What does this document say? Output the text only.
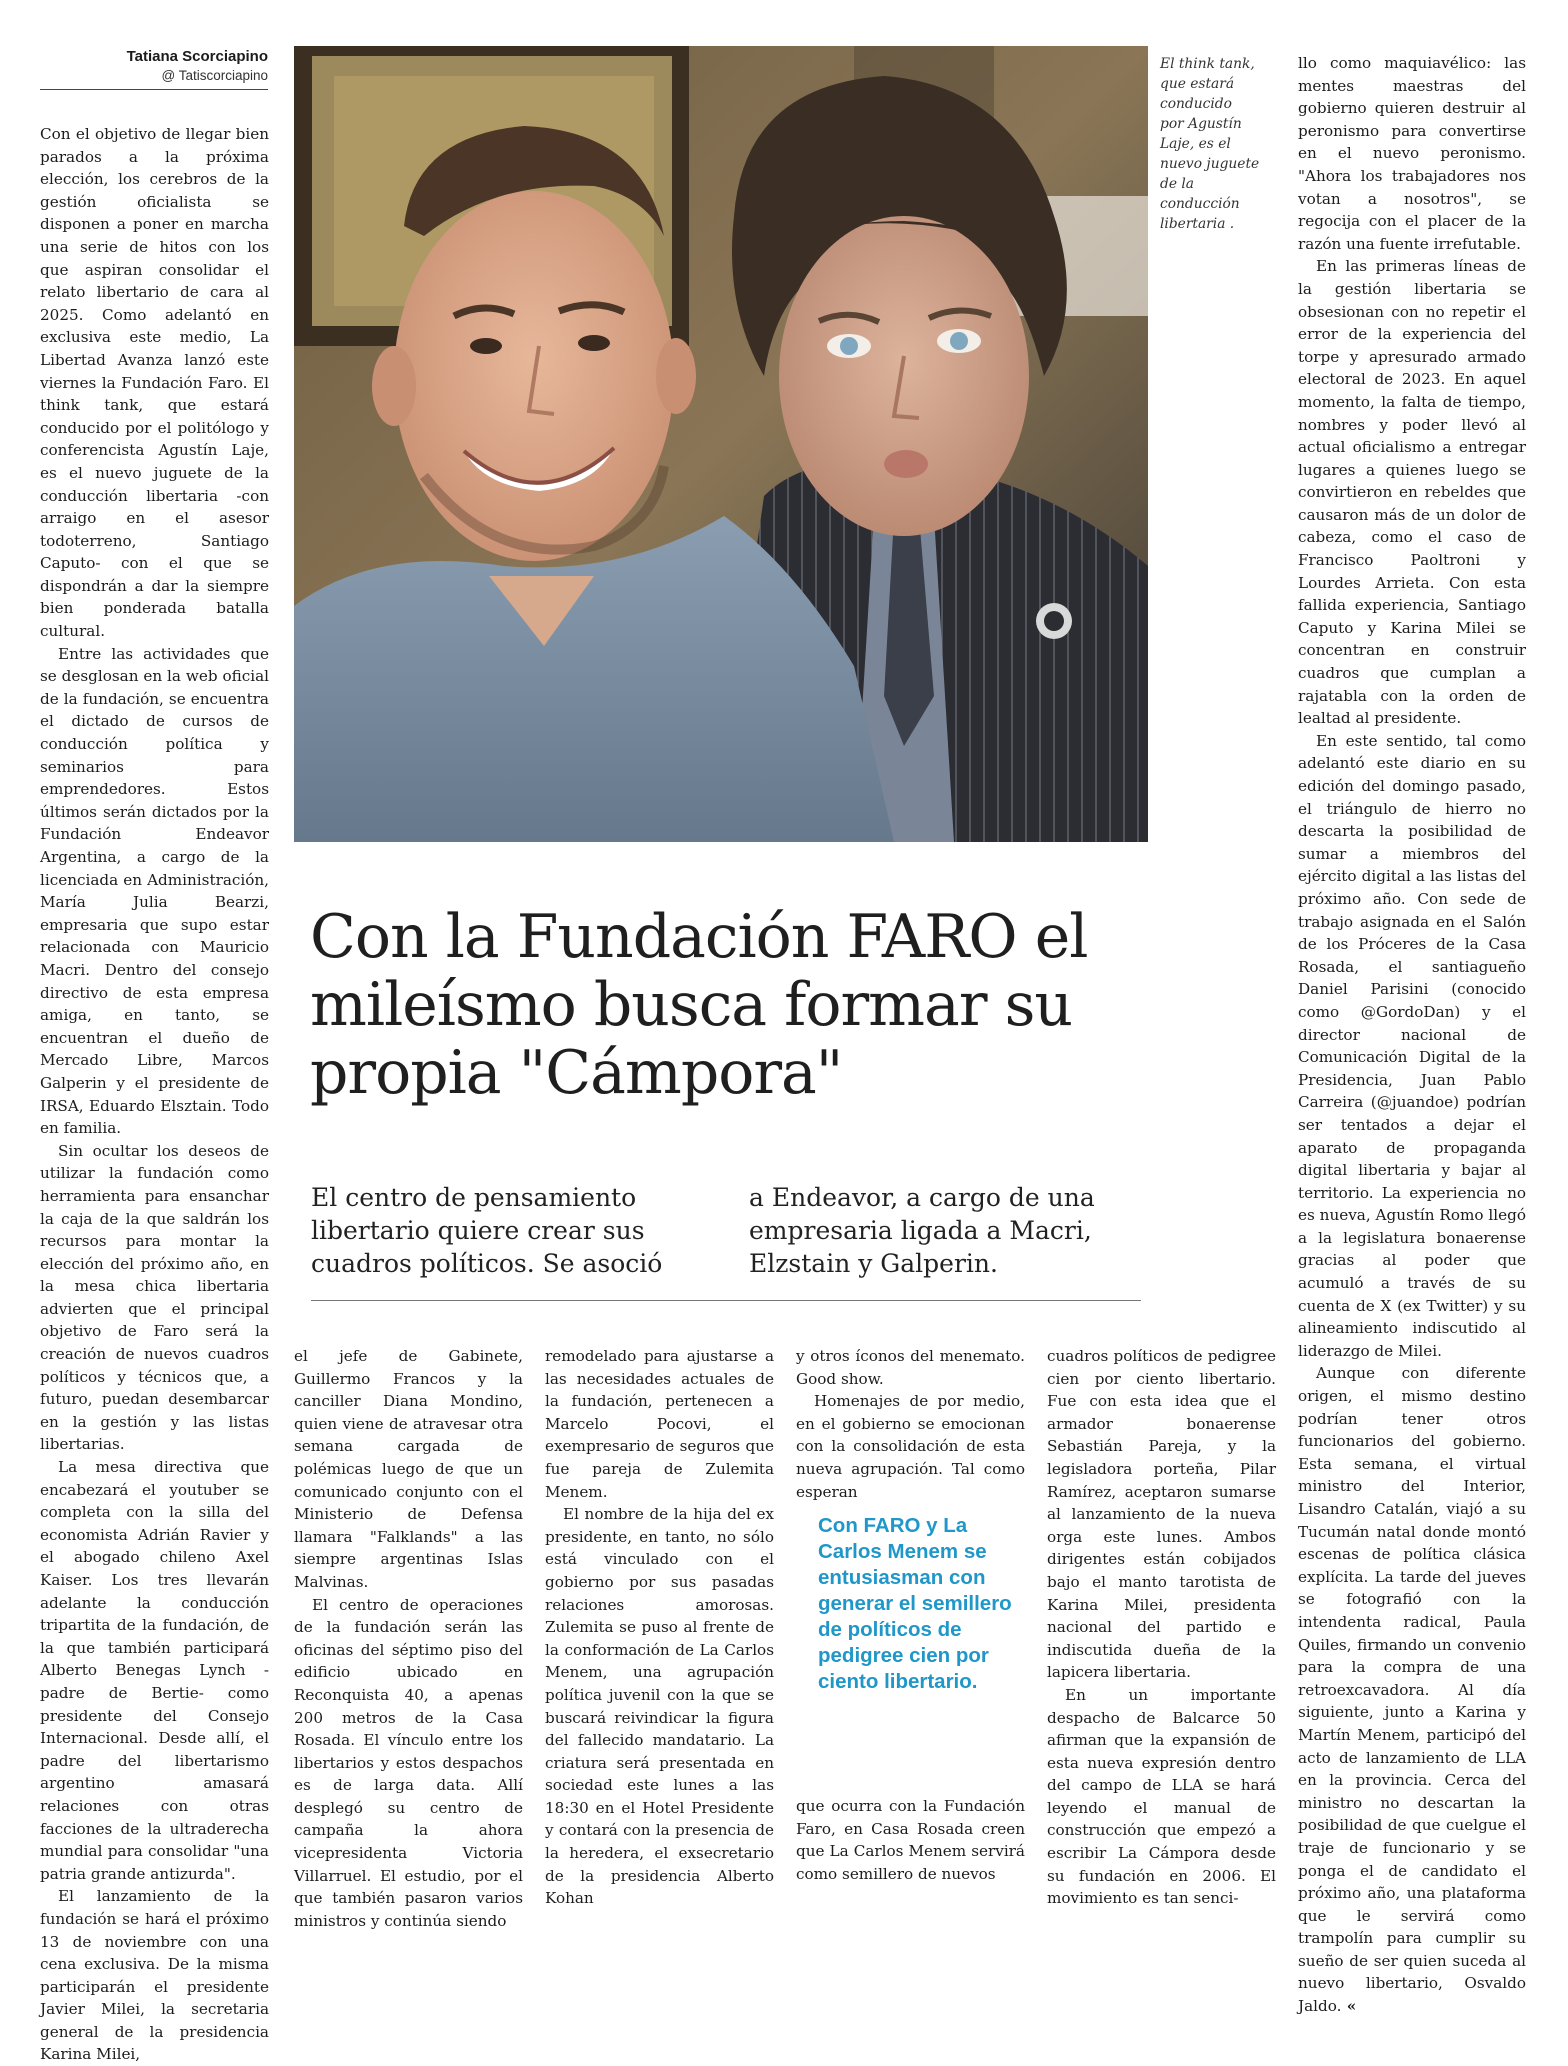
Tatiana Scorciapino
@ Tatiscorciapino

Con el objetivo de llegar bien parados a la próxima elección, los cerebros de la gestión oficialista se disponen a poner en marcha una serie de hitos con los que aspiran consolidar el relato libertario de cara al 2025. Como adelantó en exclusiva este medio, La Libertad Avanza lanzó este viernes la Fundación Faro. El think tank, que estará conducido por el politólogo y conferencista Agustín Laje, es el nuevo juguete de la conducción libertaria -con arraigo en el asesor todoterreno, Santiago Caputo- con el que se dispondrán a dar la siempre bien ponderada batalla cultural.

Entre las actividades que se desglosan en la web oficial de la fundación, se encuentra el dictado de cursos de conducción política y seminarios para emprendedores. Estos últimos serán dictados por la Fundación Endeavor Argentina, a cargo de la licenciada en Administración, María Julia Bearzi, empresaria que supo estar relacionada con Mauricio Macri. Dentro del consejo directivo de esta empresa amiga, en tanto, se encuentran el dueño de Mercado Libre, Marcos Galperin y el presidente de IRSA, Eduardo Elsztain. Todo en familia.

Sin ocultar los deseos de utilizar la fundación como herramienta para ensanchar la caja de la que saldrán los recursos para montar la elección del próximo año, en la mesa chica libertaria advierten que el principal objetivo de Faro será la creación de nuevos cuadros políticos y técnicos que, a futuro, puedan desembarcar en la gestión y las listas libertarias.

La mesa directiva que encabezará el youtuber se completa con la silla del economista Adrián Ravier y el abogado chileno Axel Kaiser. Los tres llevarán adelante la conducción tripartita de la fundación, de la que también participará Alberto Benegas Lynch -padre de Bertie- como presidente del Consejo Internacional. Desde allí, el padre del libertarismo argentino amasará relaciones con otras facciones de la ultraderecha mundial para consolidar "una patria grande antizurda".

El lanzamiento de la fundación se hará el próximo 13 de noviembre con una cena exclusiva. De la misma participarán el presidente Javier Milei, la secretaria general de la presidencia Karina Milei,

El think tank, que estará conducido por Agustín Laje, es el nuevo juguete de la conducción libertaria .
Con la Fundación FARO el mileísmo busca formar su propia "Cámpora"

El centro de pensamiento libertario quiere crear sus cuadros políticos. Se asoció

a Endeavor, a cargo de una empresaria ligada a Macri, Elzstain y Galperin.

el jefe de Gabinete, Guillermo Francos y la canciller Diana Mondino, quien viene de atravesar otra semana cargada de polémicas luego de que un comunicado conjunto con el Ministerio de Defensa llamara "Falklands" a las siempre argentinas Islas Malvinas.

El centro de operaciones de la fundación serán las oficinas del séptimo piso del edificio ubicado en Reconquista 40, a apenas 200 metros de la Casa Rosada. El vínculo entre los libertarios y estos despachos es de larga data. Allí desplegó su centro de campaña la ahora vicepresidenta Victoria Villarruel. El estudio, por el que también pasaron varios ministros y continúa siendo

remodelado para ajustarse a las necesidades actuales de la fundación, pertenecen a Marcelo Pocovi, el exempresario de seguros que fue pareja de Zulemita Menem.

El nombre de la hija del ex presidente, en tanto, no sólo está vinculado con el gobierno por sus pasadas relaciones amorosas. Zulemita se puso al frente de la conformación de La Carlos Menem, una agrupación política juvenil con la que se buscará reivindicar la figura del fallecido mandatario. La criatura será presentada en sociedad este lunes a las 18:30 en el Hotel Presidente y contará con la presencia de la heredera, el exsecretario de la presidencia Alberto Kohan

y otros íconos del menemato. Good show.

Homenajes de por medio, en el gobierno se emocionan con la consolidación de esta nueva agrupación. Tal como esperan

Con FARO y La Carlos Menem se entusiasman con generar el semillero de políticos de pedigree cien por ciento libertario.

que ocurra con la Fundación Faro, en Casa Rosada creen que La Carlos Menem servirá como semillero de nuevos

cuadros políticos de pedigree cien por ciento libertario. Fue con esta idea que el armador bonaerense Sebastián Pareja, y la legisladora porteña, Pilar Ramírez, aceptaron sumarse al lanzamiento de la nueva orga este lunes. Ambos dirigentes están cobijados bajo el manto tarotista de Karina Milei, presidenta nacional del partido e indiscutida dueña de la lapicera libertaria.

En un importante despacho de Balcarce 50 afirman que la expansión de esta nueva expresión dentro del campo de LLA se hará leyendo el manual de construcción que empezó a escribir La Cámpora desde su fundación en 2006. El movimiento es tan senci-

llo como maquiavélico: las mentes maestras del gobierno quieren destruir al peronismo para convertirse en el nuevo peronismo. "Ahora los trabajadores nos votan a nosotros", se regocija con el placer de la razón una fuente irrefutable.

En las primeras líneas de la gestión libertaria se obsesionan con no repetir el error de la experiencia del torpe y apresurado armado electoral de 2023. En aquel momento, la falta de tiempo, nombres y poder llevó al actual oficialismo a entregar lugares a quienes luego se convirtieron en rebeldes que causaron más de un dolor de cabeza, como el caso de Francisco Paoltroni y Lourdes Arrieta. Con esta fallida experiencia, Santiago Caputo y Karina Milei se concentran en construir cuadros que cumplan a rajatabla con la orden de lealtad al presidente.

En este sentido, tal como adelantó este diario en su edición del domingo pasado, el triángulo de hierro no descarta la posibilidad de sumar a miembros del ejército digital a las listas del próximo año. Con sede de trabajo asignada en el Salón de los Próceres de la Casa Rosada, el santiagueño Daniel Parisini (conocido como @GordoDan) y el director nacional de Comunicación Digital de la Presidencia, Juan Pablo Carreira (@juandoe) podrían ser tentados a dejar el aparato de propaganda digital libertaria y bajar al territorio. La experiencia no es nueva, Agustín Romo llegó a la legislatura bonaerense gracias al poder que acumuló a través de su cuenta de X (ex Twitter) y su alineamiento indiscutido al liderazgo de Milei.

Aunque con diferente origen, el mismo destino podrían tener otros funcionarios del gobierno. Esta semana, el virtual ministro del Interior, Lisandro Catalán, viajó a su Tucumán natal donde montó escenas de política clásica explícita. La tarde del jueves se fotografió con la intendenta radical, Paula Quiles, firmando un convenio para la compra de una retroexcavadora. Al día siguiente, junto a Karina y Martín Menem, participó del acto de lanzamiento de LLA en la provincia. Cerca del ministro no descartan la posibilidad de que cuelgue el traje de funcionario y se ponga el de candidato el próximo año, una plataforma que le servirá como trampolín para cumplir su sueño de ser quien suceda al nuevo libertario, Osvaldo Jaldo. «
